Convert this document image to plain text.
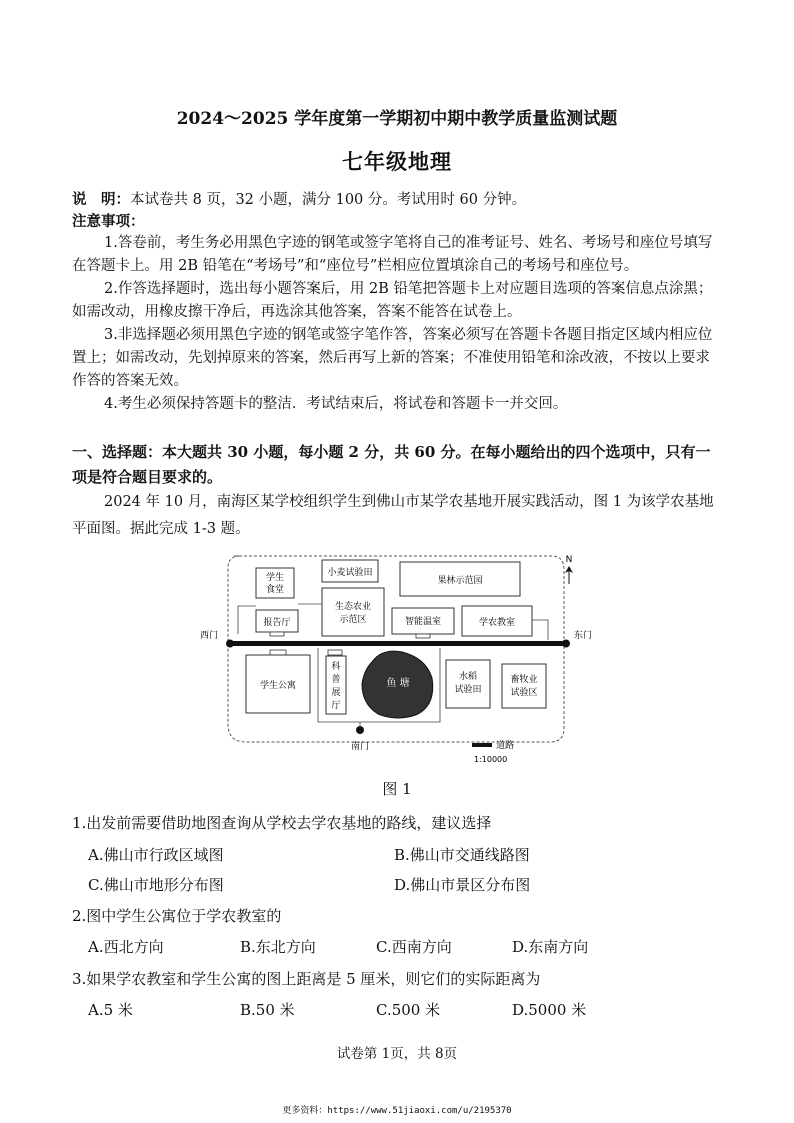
2024～2025 学年度第一学期初中期中教学质量监测试题
七年级地理
说　明：本试卷共 8 页，32 小题，满分 100 分。考试用时 60 分钟。
注意事项：
1.答卷前，考生务必用黑色字迹的钢笔或签字笔将自己的准考证号、姓名、考场号和座位号填写在答题卡上。用 2B 铅笔在“考场号”和“座位号”栏相应位置填涂自己的考场号和座位号。
2.作答选择题时，选出每小题答案后，用 2B 铅笔把答题卡上对应题目选项的答案信息点涂黑；如需改动，用橡皮擦干净后，再选涂其他答案，答案不能答在试卷上。
3.非选择题必须用黑色字迹的钢笔或签字笔作答，答案必须写在答题卡各题目指定区域内相应位置上；如需改动，先划掉原来的答案，然后再写上新的答案；不准使用铅笔和涂改液，不按以上要求作答的答案无效。
4.考生必须保持答题卡的整洁．考试结束后，将试卷和答题卡一并交回。
一、选择题：本大题共 30 小题，每小题 2 分，共 60 分。在每小题给出的四个选项中，只有一项是符合题目要求的。
2024 年 10 月，南海区某学校组织学生到佛山市某学农基地开展实践活动，图 1 为该学农基地平面图。据此完成 1-3 题。
学生
食堂
小麦试验田
果林示范园
生态农业
示范区
报告厅	智能温室	学农教室
西门	东门
学生公寓
科
普
展
厅
鱼 塘
水稻
试验田
畜牧业
试验区
南门
N
道路
1:10000
图 1
1.出发前需要借助地图查询从学校去学农基地的路线，建议选择
A.佛山市行政区域图	B.佛山市交通线路图
C.佛山市地形分布图	D.佛山市景区分布图
2.图中学生公寓位于学农教室的
A.西北方向	B.东北方向	C.西南方向	D.东南方向
3.如果学农教室和学生公寓的图上距离是 5 厘米，则它们的实际距离为
A.5 米	B.50 米	C.500 米	D.5000 米
试卷第 1页，共 8页
更多资料：https://www.51jiaoxi.com/u/2195370
